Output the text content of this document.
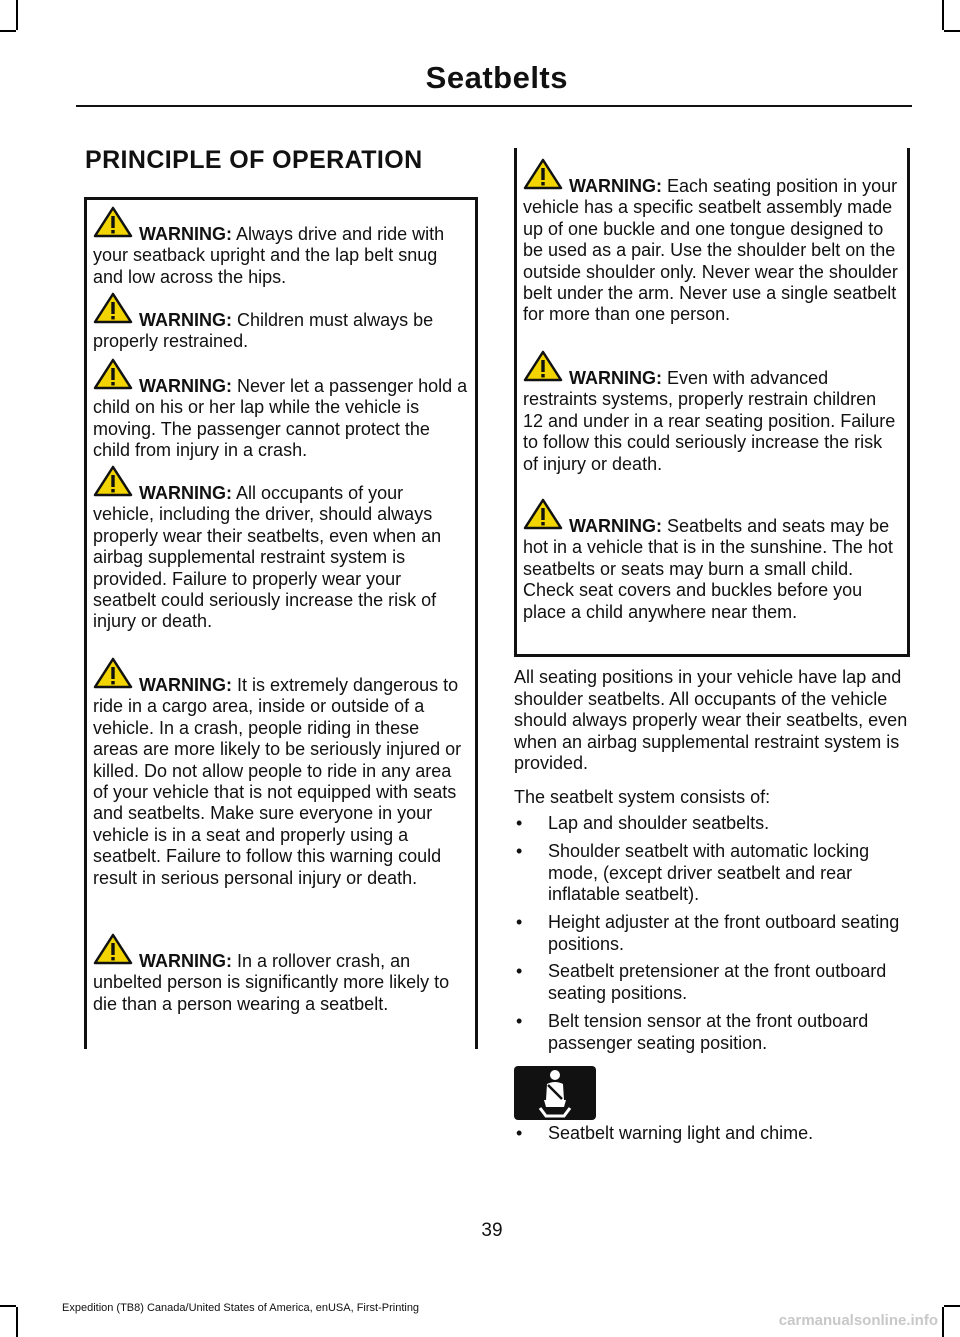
Seatbelts
PRINCIPLE OF OPERATION
WARNING: Always drive and ride with your seatback upright and the lap belt snug and low across the hips.
WARNING: Children must always be properly restrained.
WARNING: Never let a passenger hold a child on his or her lap while the vehicle is moving. The passenger cannot protect the child from injury in a crash.
WARNING: All occupants of your vehicle, including the driver, should always properly wear their seatbelts, even when an airbag supplemental restraint system is provided. Failure to properly wear your seatbelt could seriously increase the risk of injury or death.
WARNING: It is extremely dangerous to ride in a cargo area, inside or outside of a vehicle. In a crash, people riding in these areas are more likely to be seriously injured or killed. Do not allow people to ride in any area of your vehicle that is not equipped with seats and seatbelts. Make sure everyone in your vehicle is in a seat and properly using a seatbelt. Failure to follow this warning could result in serious personal injury or death.
WARNING: In a rollover crash, an unbelted person is significantly more likely to die than a person wearing a seatbelt.
WARNING: Each seating position in your vehicle has a specific seatbelt assembly made up of one buckle and one tongue designed to be used as a pair. Use the shoulder belt on the outside shoulder only. Never wear the shoulder belt under the arm. Never use a single seatbelt for more than one person.
WARNING: Even with advanced restraints systems, properly restrain children 12 and under in a rear seating position. Failure to follow this could seriously increase the risk of injury or death.
WARNING: Seatbelts and seats may be hot in a vehicle that is in the sunshine. The hot seatbelts or seats may burn a small child. Check seat covers and buckles before you place a child anywhere near them.
All seating positions in your vehicle have lap and shoulder seatbelts. All occupants of the vehicle should always properly wear their seatbelts, even when an airbag supplemental restraint system is provided.
The seatbelt system consists of:
• Lap and shoulder seatbelts.
• Shoulder seatbelt with automatic locking mode, (except driver seatbelt and rear inflatable seatbelt).
• Height adjuster at the front outboard seating positions.
• Seatbelt pretensioner at the front outboard seating positions.
• Belt tension sensor at the front outboard passenger seating position.
• Seatbelt warning light and chime.
39
Expedition (TB8) Canada/United States of America, enUSA, First-Printing
carmanualsonline.info
